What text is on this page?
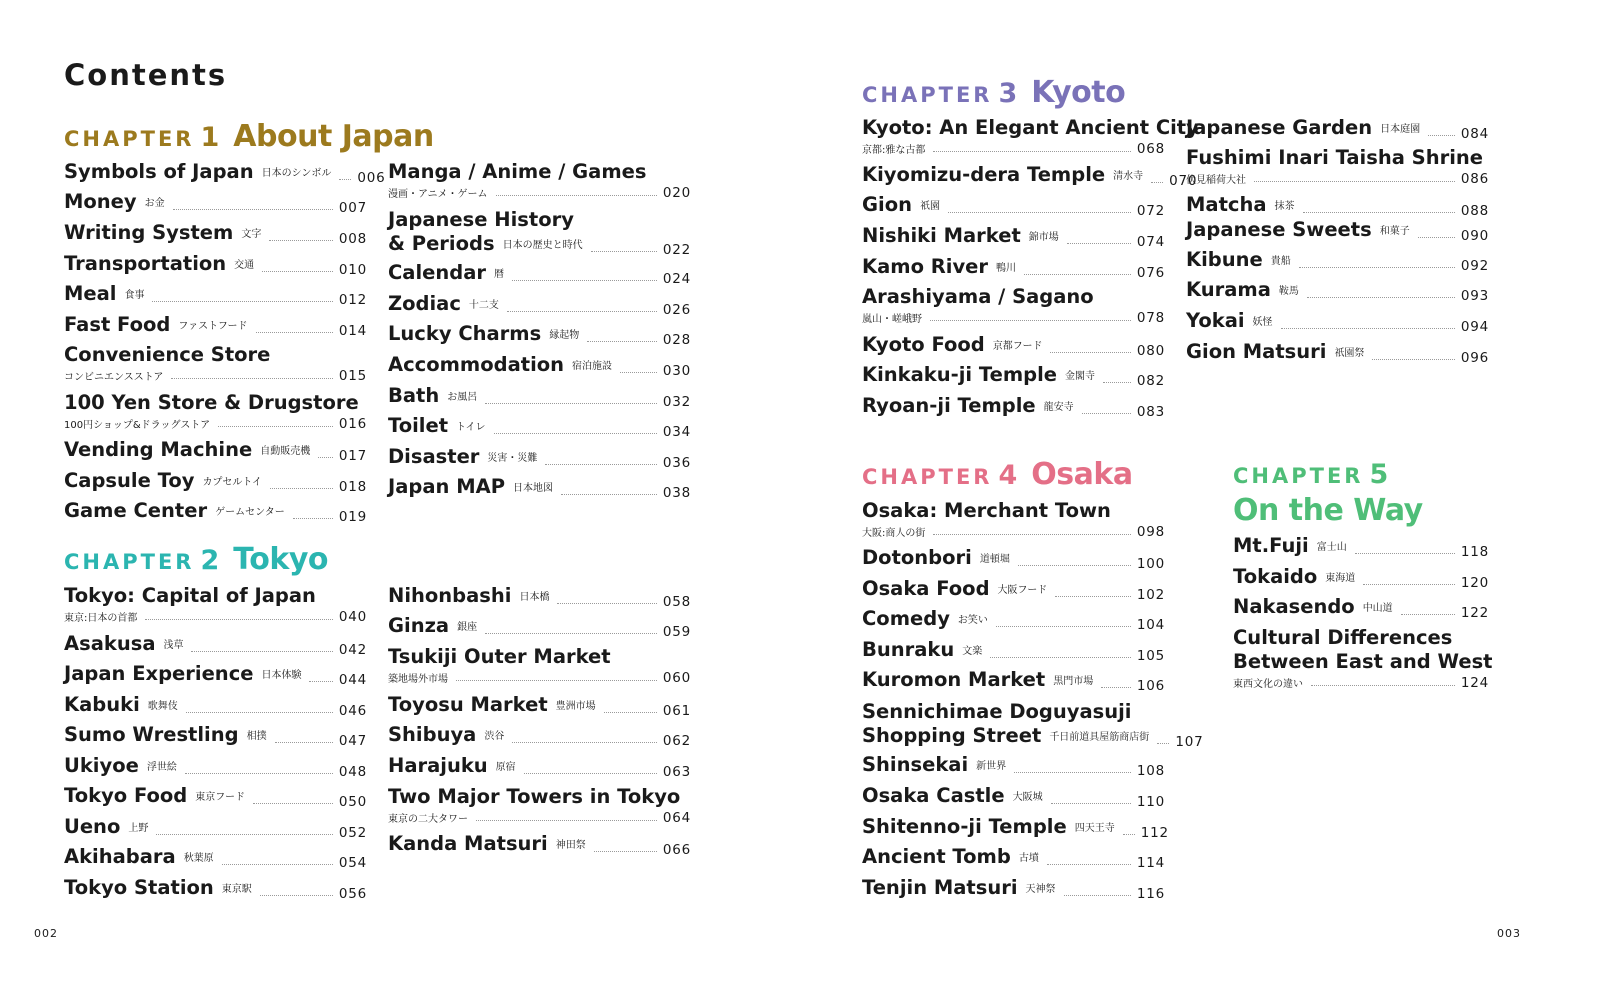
Contents
CHAPTER 1 About Japan
CHAPTER 2 Tokyo
CHAPTER 3 Kyoto
CHAPTER 4 Osaka	CHAPTER 5
On the Way
Symbols of Japan 日本のシンボル 006
Money お金	007
Writing System 文字	008
Transportation 交通	010
Meal 食事	012
Fast Food ファストフード	014
Convenience Store
コンビニエンスストア	015
100 Yen Store & Drugstore
100円ショップ&ドラッグストア	016
Vending Machine 自動販売機 017
Capsule Toy カプセルトイ	018
Game Center ゲームセンター	019
Manga / Anime / Games
漫画・アニメ・ゲーム	020
Japanese History
& Periods 日本の歴史と時代	022
Calendar 暦	024
Zodiac 十二支	026
Lucky Charms 縁起物	028
Accommodation 宿泊施設	030
Bath お風呂	032
Toilet トイレ	034
Disaster 災害・災難	036
Japan MAP 日本地図	038
Tokyo: Capital of Japan
東京:日本の首都	040
Asakusa 浅草	042
Japan Experience 日本体験	044
Kabuki 歌舞伎	046
Sumo Wrestling 相撲	047
Ukiyoe 浮世絵	048
Tokyo Food 東京フード	050
Ueno 上野	052
Akihabara 秋葉原	054
Tokyo Station 東京駅	056
Nihonbashi 日本橋	058
Ginza 銀座	059
Tsukiji Outer Market
築地場外市場	060
Toyosu Market 豊洲市場	061
Shibuya 渋谷	062
Harajuku 原宿	063
Two Major Towers in Tokyo
東京の二大タワー	064
Kanda Matsuri 神田祭	066
Kyoto: An Elegant Ancient City
京都:雅な古都	068
Kiyomizu-dera Temple 清水寺 070
Gion 祇園	072
Nishiki Market 錦市場	074
Kamo River 鴨川	076
Arashiyama / Sagano
嵐山・嵯峨野	078
Kyoto Food 京都フード	080
Kinkaku-ji Temple 金閣寺	082
Ryoan-ji Temple 龍安寺	083
Japanese Garden 日本庭園	084
Fushimi Inari Taisha Shrine
伏見稲荷大社	086
Matcha 抹茶	088
Japanese Sweets 和菓子	090
Kibune 貴船	092
Kurama 鞍馬	093
Yokai 妖怪	094
Gion Matsuri 祇園祭	096
Osaka: Merchant Town
大阪:商人の街	098
Dotonbori 道頓堀	100
Osaka Food 大阪フード	102
Comedy お笑い	104
Bunraku 文楽	105
Kuromon Market 黒門市場	106
Sennichimae Doguyasuji
Shopping Street 千日前道具屋筋商店街 107
Shinsekai 新世界	108
Osaka Castle 大阪城	110
Shitenno-ji Temple 四天王寺 112
Ancient Tomb 古墳	114
Tenjin Matsuri 天神祭	116
Mt.Fuji 富士山	118
Tokaido 東海道	120
Nakasendo 中山道	122
Cultural Differences
Between East and West
東西文化の違い	124
002	003
